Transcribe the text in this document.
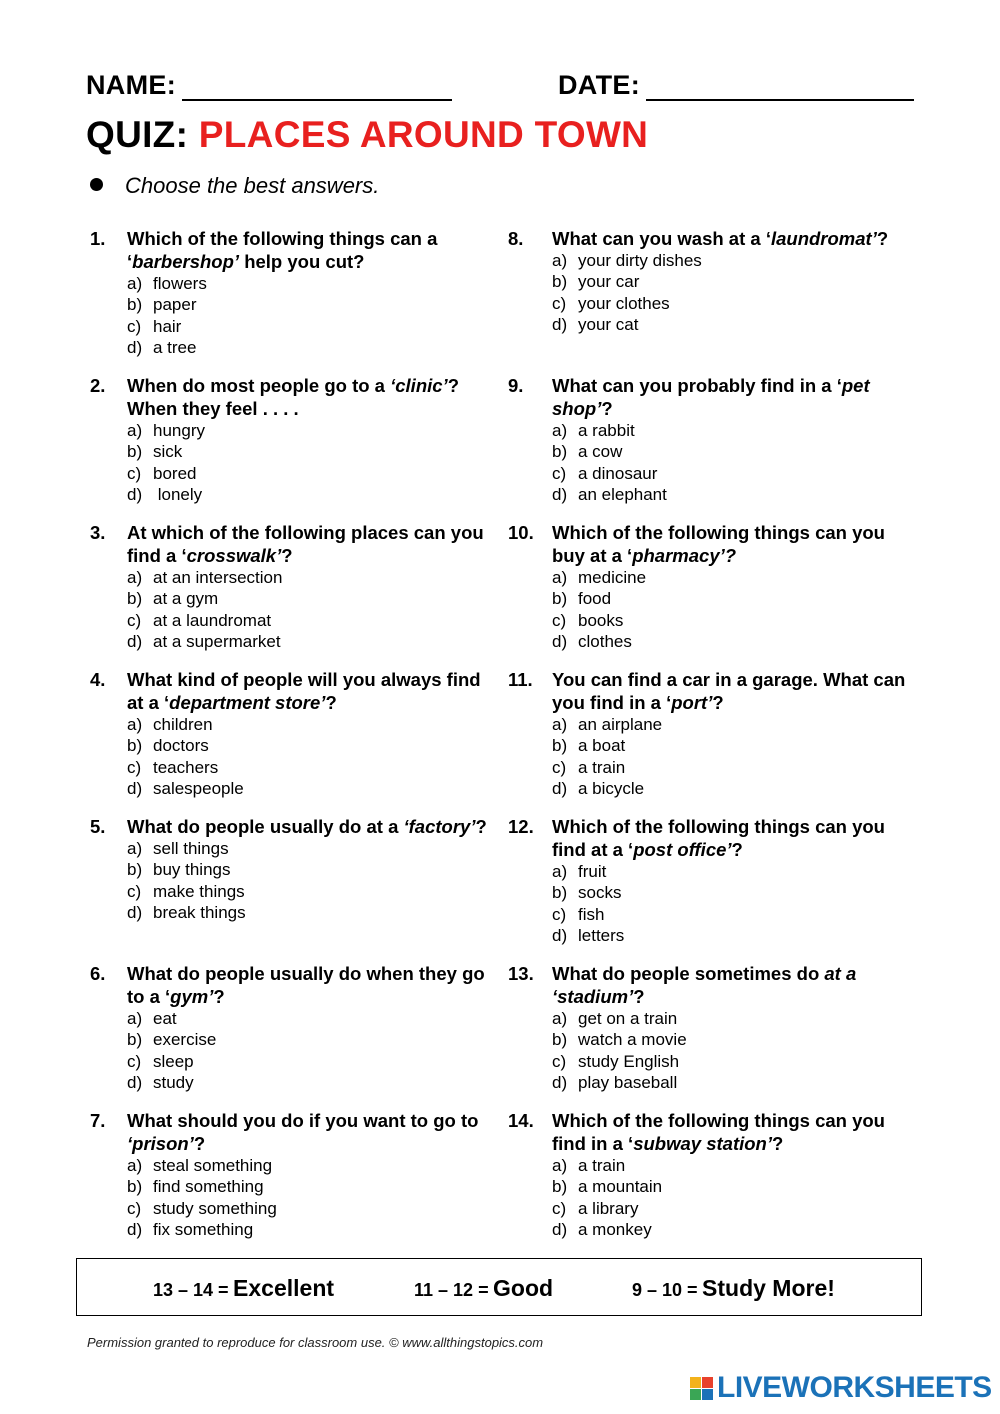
NAME:	DATE:
QUIZ: PLACES AROUND TOWN
Choose the best answers.
1.	Which of the following things can a ‘barbershop’ help you cut?
a) flowers
b) paper
c) hair
d) a tree
2.	When do most people go to a ‘clinic’? When they feel . . . .
a) hungry
b) sick
c) bored
d) lonely
3.	At which of the following places can you find a ‘crosswalk’?
a) at an intersection
b) at a gym
c) at a laundromat
d) at a supermarket
4.	What kind of people will you always find at a ‘department store’?
a) children
b) doctors
c) teachers
d) salespeople
5.	What do people usually do at a ‘factory’?
a) sell things
b) buy things
c) make things
d) break things
6.	What do people usually do when they go to a ‘gym’?
a) eat
b) exercise
c) sleep
d) study
7.	What should you do if you want to go to ‘prison’?
a) steal something
b) find something
c) study something
d) fix something
8.	What can you wash at a ‘laundromat’?
a) your dirty dishes
b) your car
c) your clothes
d) your cat
9.	What can you probably find in a ‘pet shop’?
a) a rabbit
b) a cow
c) a dinosaur
d) an elephant
10. Which of the following things can you buy at a ‘pharmacy’?
a) medicine
b) food
c) books
d) clothes
11. You can find a car in a garage. What can you find in a ‘port’?
a) an airplane
b) a boat
c) a train
d) a bicycle
12. Which of the following things can you find at a ‘post office’?
a) fruit
b) socks
c) fish
d) letters
13. What do people sometimes do at a ‘stadium’?
a) get on a train
b) watch a movie
c) study English
d) play baseball
14. Which of the following things can you find in a ‘subway station’?
a) a train
b) a mountain
c) a library
d) a monkey
13 – 14 = Excellent	11 – 12 = Good	9 – 10 = Study More!
Permission granted to reproduce for classroom use. © www.allthingstopics.com
LIVEWORKSHEETS
